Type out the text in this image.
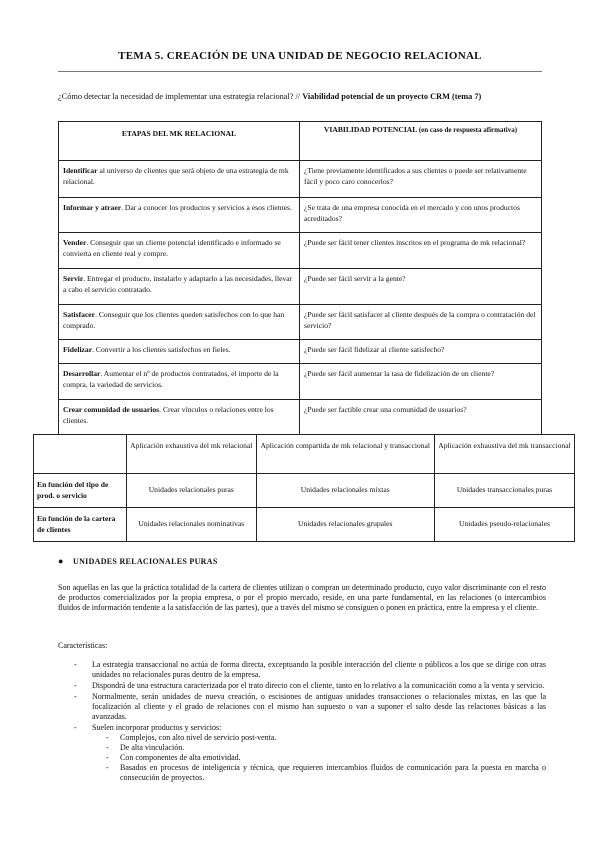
TEMA 5. CREACIÓN DE UNA UNIDAD DE NEGOCIO RELACIONAL
¿Cómo detectar la necesidad de implementar una estrategia relacional? // Viabilidad potencial de un proyecto CRM (tema 7)
ETAPAS DEL MK RELACIONAL	VIABILIDAD POTENCIAL (en caso de respuesta afirmativa)
Identificar al universo de clientes que será objeto de una estrategia de mk relacional.	¿Tiene previamente identificados a sus clientes o puede ser relativamente fácil y poco caro conocerlos?
Informar y atraer. Dar a conocer los productos y servicios a esos clientes.	¿Se trata de una empresa conocida en el mercado y con unos productos acreditados?
Vender. Conseguir que un cliente potencial identificado e informado se convierta en cliente real y compre.	¿Puede ser fácil tener clientes inscritos en el programa de mk relacional?
Servir. Entregar el producto, instalarlo y adaptarlo a las necesidades, llevar a cabo el servicio contratado.	¿Puede ser fácil servir a la gente?
Satisfacer. Conseguir que los clientes queden satisfechos con lo que han comprado.	¿Puede ser fácil satisfacer al cliente después de la compra o contratación del servicio?
Fidelizar. Convertir a los clientes satisfechos en fieles.	¿Puede ser fácil fidelizar al cliente satisfecho?
Desarrollar. Aumentar el nº de productos contratados, el importe de la compra, la variedad de servicios.	¿Puede ser fácil aumentar la tasa de fidelización de un cliente?
Crear comunidad de usuarios. Crear vínculos o relaciones entre los clientes.	¿Puede ser factible crear una comunidad de usuarios?
	Aplicación exhaustiva del mk relacional	Aplicación compartida de mk relacional y transaccional	Aplicación exhaustiva del mk transaccional
En función del tipo de prod. o servicio	Unidades relacionales puras	Unidades relacionales mixtas	Unidades transaccionales puras
En función de la cartera de clientes	Unidades relacionales nominativas	Unidades relacionales grupales	Unidades pseudo-relacionales
● UNIDADES RELACIONALES PURAS
Son aquellas en las que la práctica totalidad de la cartera de clientes utilizan o compran un determinado producto, cuyo valor discriminante con el resto de productos comercializados por la propia empresa, o por el propio mercado, reside, en una parte fundamental, en las relaciones (o intercambios fluidos de información tendente a la satisfacción de las partes), que a través del mismo se consiguen o ponen en práctica, entre la empresa y el cliente.
Características:
- La estrategia transaccional no actúa de forma directa, exceptuando la posible interacción del cliente o públicos a los que se dirige con otras unidades no relacionales puras dentro de la empresa.
- Dispondrá de una estructura caracterizada por el trato directo con el cliente, tanto en lo relativo a la comunicación como a la venta y servicio.
- Normalmente, serán unidades de nueva creación, o escisiones de antiguas unidades transacciones o relacionales mixtas, en las que la focalización al cliente y el grado de relaciones con el mismo han supuesto o van a suponer el salto desde las relaciones básicas a las avanzadas.
- Suelen incorporar productos y servicios:
- Complejos, con alto nivel de servicio post-venta.
- De alta vinculación.
- Con componentes de alta emotividad.
- Basados en procesos de inteligencia y técnica, que requieren intercambios fluidos de comunicación para la puesta en marcha o consecución de proyectos.
